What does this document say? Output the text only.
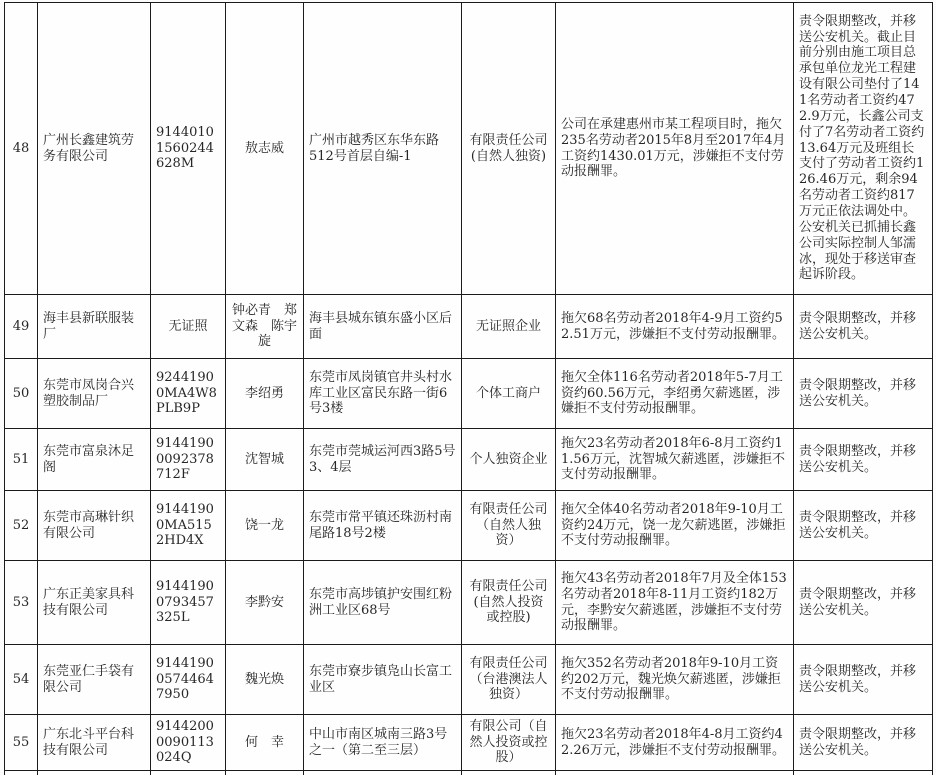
48	广州长鑫建筑劳务有限公司	91440101560244628M	敖志威	广州市越秀区东华东路512号首层自编-1	有限责任公司(自然人独资)	公司在承建惠州市某工程项目时，拖欠235名劳动者2015年8月至2017年4月工资约1430.01万元，涉嫌拒不支付劳动报酬罪。	责令限期整改，并移送公安机关。截止目前分别由施工项目总承包单位龙光工程建设有限公司垫付了141名劳动者工资约472.9万元，长鑫公司支付了7名劳动者工资约13.64万元及班组长支付了劳动者工资约126.46万元，剩余94名劳动者工资约817万元正依法调处中。公安机关已抓捕长鑫公司实际控制人邹濡冰，现处于移送审查起诉阶段。
49	海丰县新联服装厂	无证照	钟必青　郑文森　陈宇旋	海丰县城东镇东盛小区后面	无证照企业	拖欠68名劳动者2018年4-9月工资约52.51万元，涉嫌拒不支付劳动报酬罪。	责令限期整改，并移送公安机关。
50	东莞市凤岗合兴塑胶制品厂	92441900MA4W8PLB9P	李绍勇	东莞市凤岗镇官井头村水库工业区富民东路一街6号3楼	个体工商户	拖欠全体116名劳动者2018年5-7月工资约60.56万元，李绍勇欠薪逃匿，涉嫌拒不支付劳动报酬罪。	责令限期整改，并移送公安机关。
51	东莞市富泉沐足阁	91441900092378712F	沈智城	东莞市莞城运河西3路5号3、4层	个人独资企业	拖欠23名劳动者2018年6-8月工资约11.56万元，沈智城欠薪逃匿，涉嫌拒不支付劳动报酬罪。	责令限期整改，并移送公安机关。
52	东莞市高琳针织有限公司	91441900MA5152HD4X	饶一龙	东莞市常平镇还珠沥村南尾路18号2楼	有限责任公司（自然人独资）	拖欠全体40名劳动者2018年9-10月工资约24万元，饶一龙欠薪逃匿，涉嫌拒不支付劳动报酬罪。	责令限期整改，并移送公安机关。
53	广东正美家具科技有限公司	91441900793457325L	李黔安	东莞市高埗镇护安围红粉洲工业区68号	有限责任公司(自然人投资或控股)	拖欠43名劳动者2018年7月及全体153名劳动者2018年8-11月工资约182万元，李黔安欠薪逃匿，涉嫌拒不支付劳动报酬罪。	责令限期整改，并移送公安机关。
54	东莞亚仁手袋有限公司	914419005744647950	魏光焕	东莞市寮步镇凫山长富工业区	有限责任公司（台港澳法人独资）	拖欠352名劳动者2018年9-10月工资约202万元，魏光焕欠薪逃匿，涉嫌拒不支付劳动报酬罪。	责令限期整改，并移送公安机关。
55	广东北斗平台科技有限公司	91442000090113024Q	何　幸	中山市南区城南三路3号之一（第二至三层）	有限公司（自然人投资或控股）	拖欠23名劳动者2018年4-8月工资约42.26万元，涉嫌拒不支付劳动报酬罪。	责令限期整改，并移送公安机关。
